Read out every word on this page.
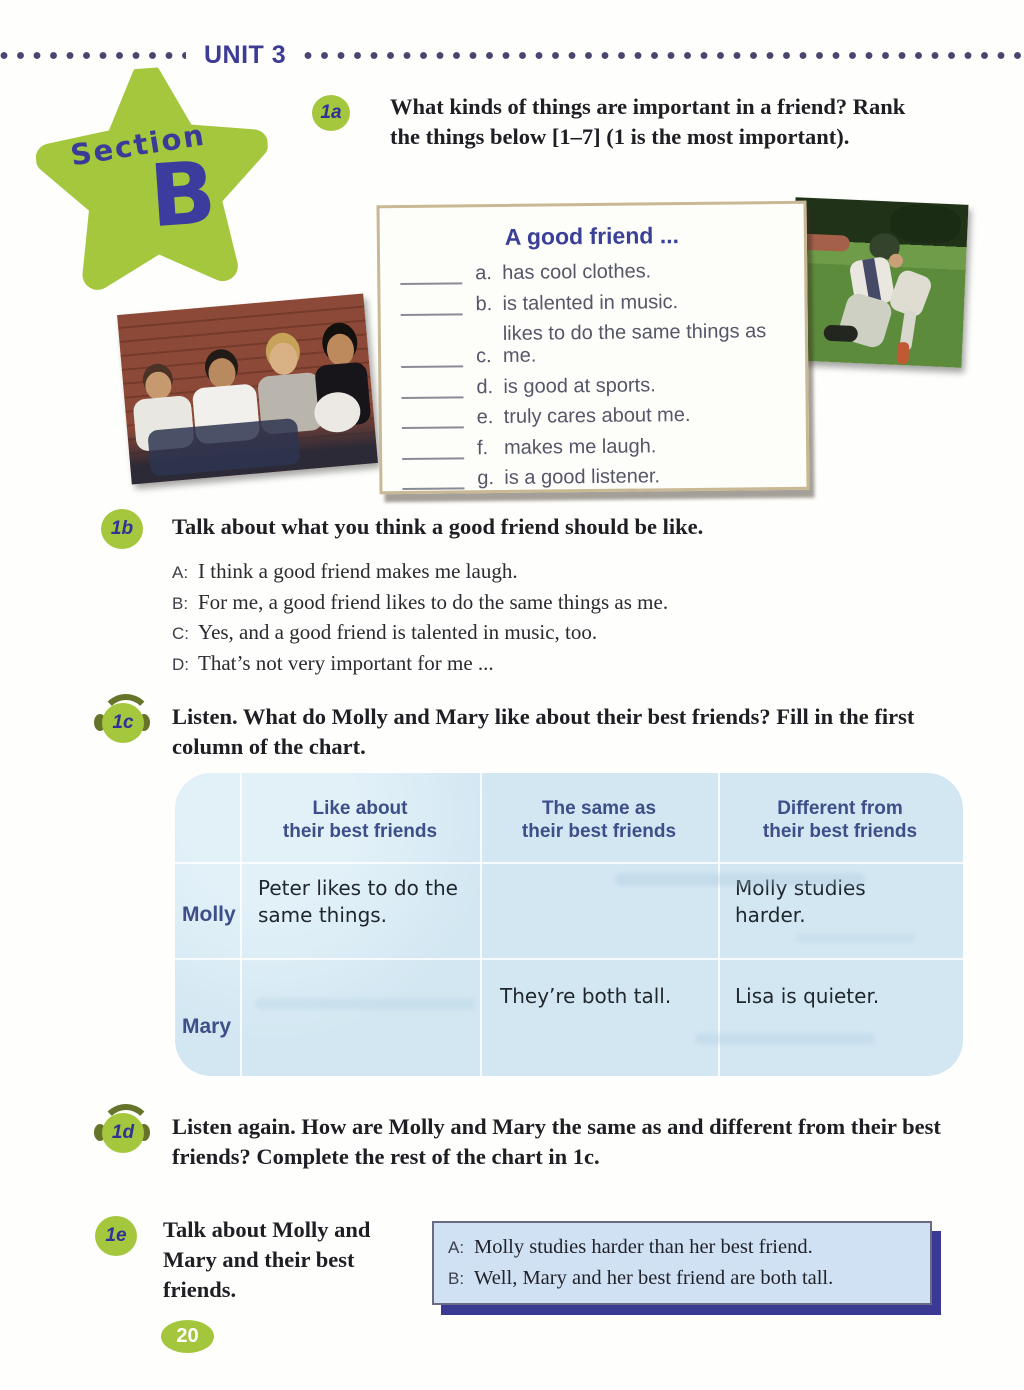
UNIT 3
Section
B
1a What kinds of things are important in a friend? Rank the things below [1–7] (1 is the most important).
A good friend ...
a. has cool clothes.
b. is talented in music.
c.
likes to do the same things as me.
d. is good at sports.
e. truly cares about me.
f. makes me laugh.
g. is a good listener.
1b Talk about what you think a good friend should be like.
A: I think a good friend makes me laugh.
B: For me, a good friend likes to do the same things as me.
C: Yes, and a good friend is talented in music, too.
D: That’s not very important for me ...
1c Listen. What do Molly and Mary like about their best friends? Fill in the first column of the chart.
Like about
their best friends
The same as
their best friends
Different from
their best friends
Peter likes to do the same things.
Molly studies harder.
Molly
They’re both tall.	Lisa is quieter.
Mary
1d Listen again. How are Molly and Mary the same as and different from their best friends? Complete the rest of the chart in 1c.
1e Talk about Molly and Mary and their best friends.
A: Molly studies harder than her best friend.
B: Well, Mary and her best friend are both tall.
20
